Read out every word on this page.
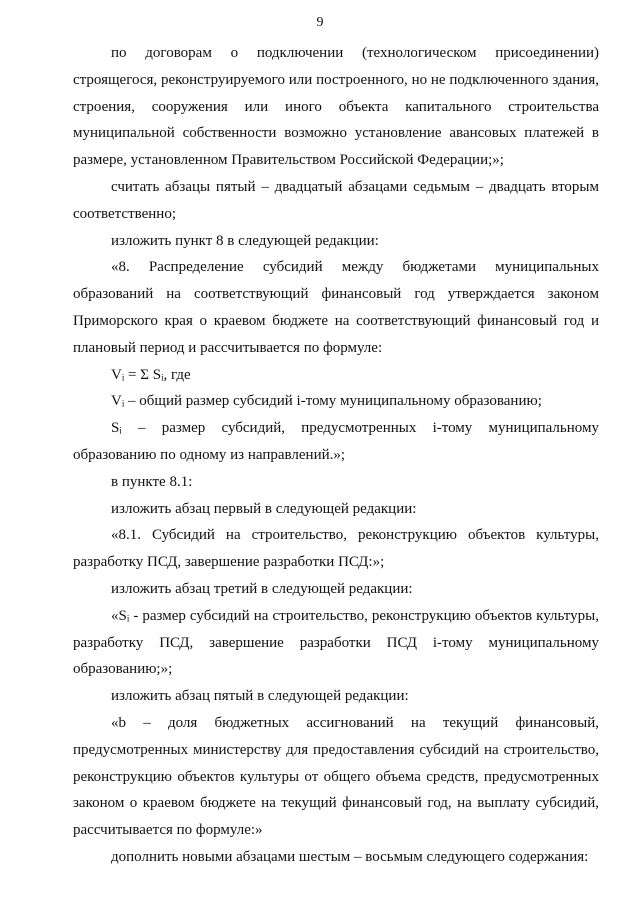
9

по договорам о подключении (технологическом присоединении) строящегося, реконструируемого или построенного, но не подключенного здания, строения, сооружения или иного объекта капитального строительства муниципальной собственности возможно установление авансовых платежей в размере, установленном Правительством Российской Федерации;»;

считать абзацы пятый – двадцатый абзацами седьмым – двадцать вторым соответственно;

изложить пункт 8 в следующей редакции:

«8. Распределение субсидий между бюджетами муниципальных образований на соответствующий финансовый год утверждается законом Приморского края о краевом бюджете на соответствующий финансовый год и плановый период и рассчитывается по формуле:

Vᵢ = Σ Sᵢ, где

Vᵢ – общий размер субсидий i-тому муниципальному образованию;

Sᵢ – размер субсидий, предусмотренных i-тому муниципальному образованию по одному из направлений.»;

в пункте 8.1:

изложить абзац первый в следующей редакции:

«8.1. Субсидий на строительство, реконструкцию объектов культуры, разработку ПСД, завершение разработки ПСД:»;

изложить абзац третий в следующей редакции:

«Sᵢ - размер субсидий на строительство, реконструкцию объектов культуры, разработку ПСД, завершение разработки ПСД i-тому муниципальному образованию;»;

изложить абзац пятый в следующей редакции:

«b – доля бюджетных ассигнований на текущий финансовый, предусмотренных министерству для предоставления субсидий на строительство, реконструкцию объектов культуры от общего объема средств, предусмотренных законом о краевом бюджете на текущий финансовый год, на выплату субсидий, рассчитывается по формуле:»

дополнить новыми абзацами шестым – восьмым следующего содержания:
